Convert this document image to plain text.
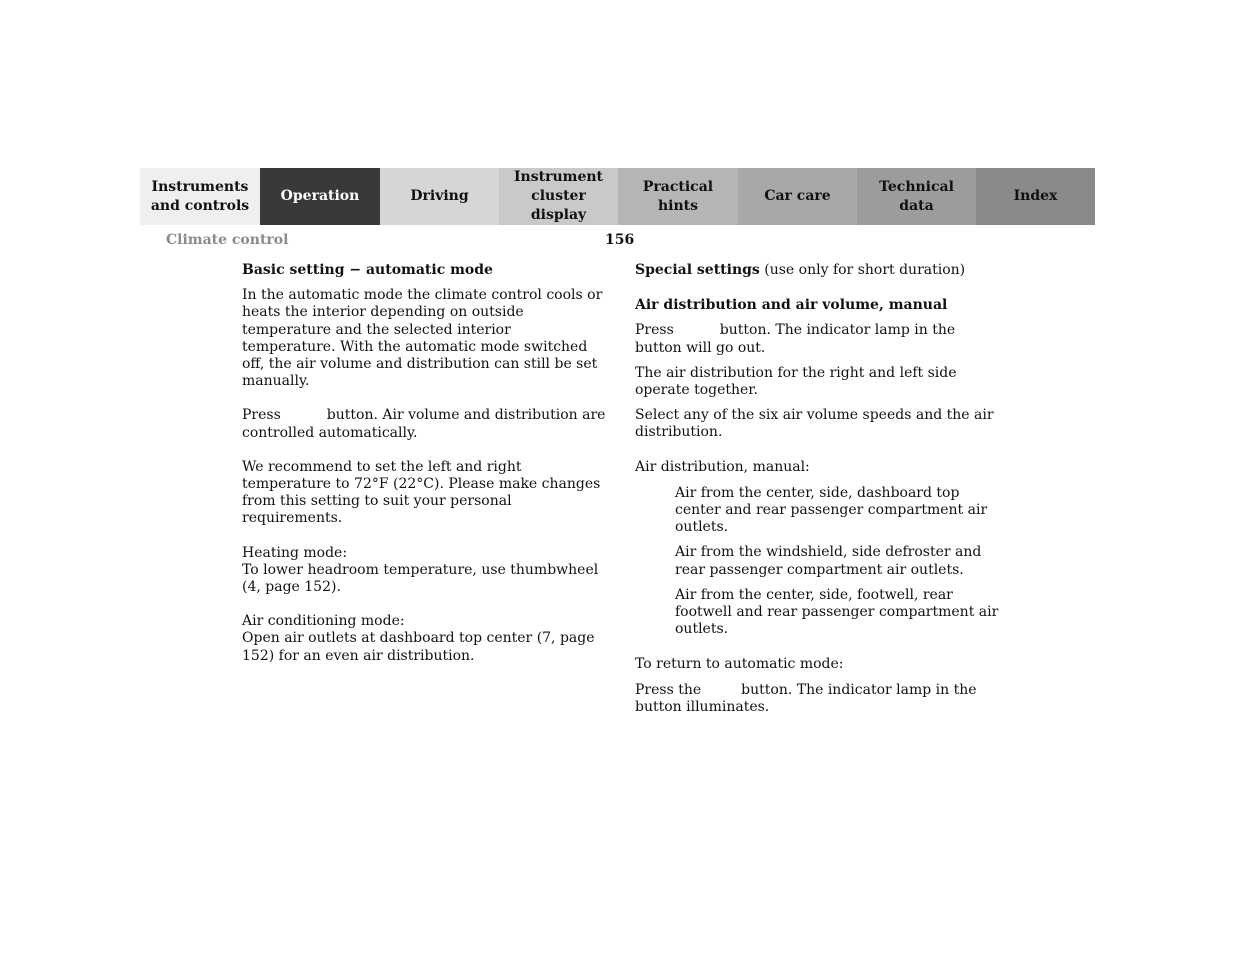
Instruments
and controls
Operation	Driving
Instrument
cluster display
Practical hints
Car care
Technical
data
Index
Climate control	156

Basic setting − automatic mode

In the automatic mode the climate control cools or heats the interior depending on outside temperature and the selected interior temperature. With the automatic mode switched off, the air volume and distribution can still be set manually.

Press	button. Air volume and distribution are controlled automatically.

We recommend to set the left and right temperature to 72°F (22°C). Please make changes from this setting to suit your personal requirements.

Heating mode:
To lower headroom temperature, use thumbwheel
(4, page 152).

Air conditioning mode:
Open air outlets at dashboard top center (7, page 152) for an even air distribution.

Special settings (use only for short duration)

Air distribution and air volume, manual

Press	button. The indicator lamp in the button will go out.

The air distribution for the right and left side operate together.

Select any of the six air volume speeds and the air distribution.

Air distribution, manual:

Air from the center, side, dashboard top center and rear passenger compartment air outlets.

Air from the windshield, side defroster and rear passenger compartment air outlets.

Air from the center, side, footwell, rear footwell and rear passenger compartment air outlets.

To return to automatic mode:

Press the	button. The indicator lamp in the button illuminates.
